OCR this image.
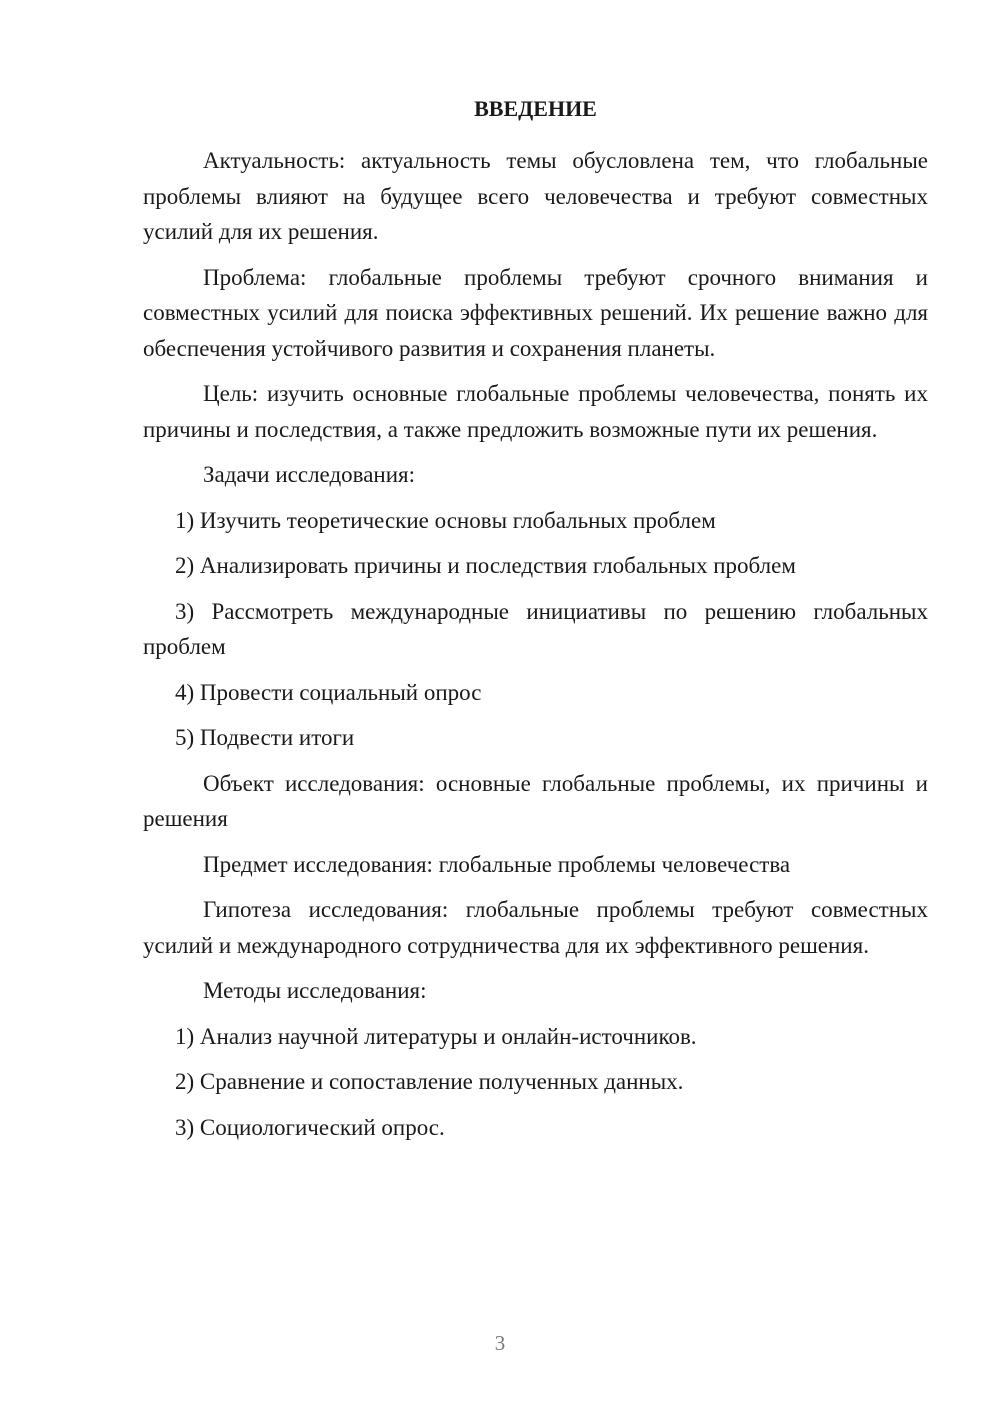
ВВЕДЕНИЕ

Актуальность: актуальность темы обусловлена тем, что глобальные проблемы влияют на будущее всего человечества и требуют совместных усилий для их решения.

Проблема: глобальные проблемы требуют срочного внимания и совместных усилий для поиска эффективных решений. Их решение важно для обеспечения устойчивого развития и сохранения планеты.

Цель: изучить основные глобальные проблемы человечества, понять их причины и последствия, а также предложить возможные пути их решения.

Задачи исследования:

1) Изучить теоретические основы глобальных проблем

2) Анализировать причины и последствия глобальных проблем

3) Рассмотреть международные инициативы по решению глобальных проблем

4) Провести социальный опрос

5) Подвести итоги

Объект исследования: основные глобальные проблемы, их причины и решения

Предмет исследования: глобальные проблемы человечества

Гипотеза исследования: глобальные проблемы требуют совместных усилий и международного сотрудничества для их эффективного решения.

Методы исследования:

1) Анализ научной литературы и онлайн-источников.

2) Сравнение и сопоставление полученных данных.

3) Социологический опрос.

3
